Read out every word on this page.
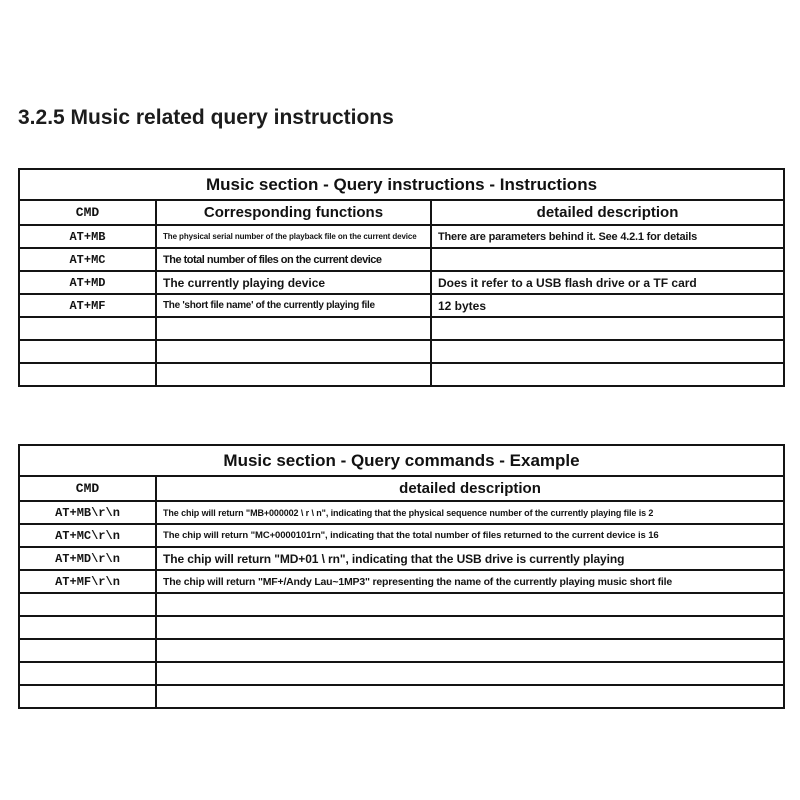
3.2.5 Music related query instructions
Music section - Query instructions - Instructions		
CMD	Corresponding functions	detailed description
AT+MB	The physical serial number of the playback file on the current device	There are parameters behind it. See 4.2.1 for details
AT+MC	The total number of files on the current device	
AT+MD	The currently playing device	Does it refer to a USB flash drive or a TF card
AT+MF	The 'short file name' of the currently playing file	12 bytes

Music section - Query commands - Example	
CMD	detailed description
AT+MB\r\n	The chip will return "MB+000002 \ r \ n", indicating that the physical sequence number of the currently playing file is 2
AT+MC\r\n	The chip will return "MC+0000101rn", indicating that the total number of files returned to the current device is 16
AT+MD\r\n	The chip will return "MD+01 \ rn", indicating that the USB drive is currently playing
AT+MF\r\n	The chip will return "MF+/Andy Lau~1MP3" representing the name of the currently playing music short file
